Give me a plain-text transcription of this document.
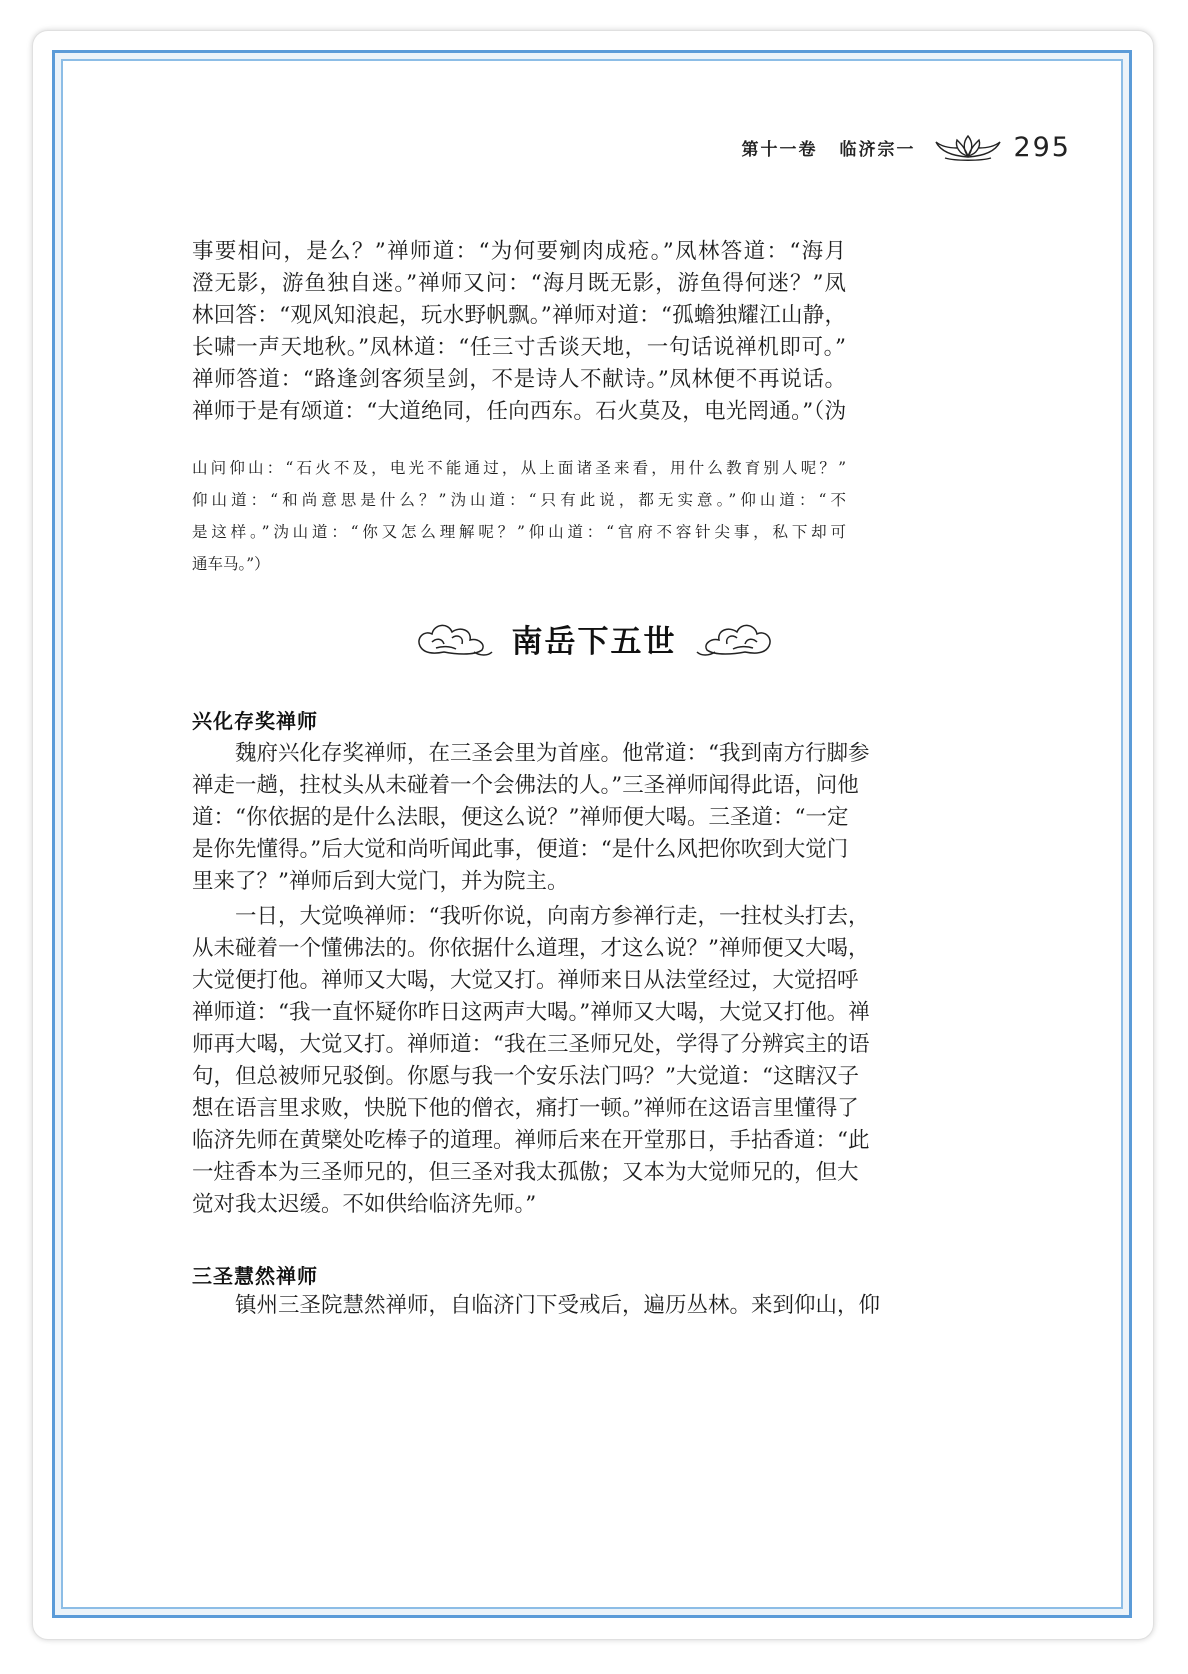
第十一卷 临济宗一	295
事要相问，是么？”禅师道：“为何要剜肉成疮。”凤林答道：“海月
澄无影，游鱼独自迷。”禅师又问：“海月既无影，游鱼得何迷？”凤
林回答：“观风知浪起，玩水野帆飘。”禅师对道：“孤蟾独耀江山静，
长啸一声天地秋。”凤林道：“任三寸舌谈天地，一句话说禅机即可。”
禅师答道：“路逢剑客须呈剑，不是诗人不献诗。”凤林便不再说话。
禅师于是有颂道：“大道绝同，任向西东。石火莫及，电光罔通。”（沩
山问仰山：“石火不及，电光不能通过，从上面诸圣来看，用什么教育别人呢？”
仰山道：“和尚意思是什么？”沩山道：“只有此说，都无实意。”仰山道：“不
是这样。”沩山道：“你又怎么理解呢？”仰山道：“官府不容针尖事，私下却可
通车马。”）
南岳下五世
兴化存奖禅师
魏府兴化存奖禅师，在三圣会里为首座。他常道：“我到南方行脚参
禅走一趟，拄杖头从未碰着一个会佛法的人。”三圣禅师闻得此语，问他
道：“你依据的是什么法眼，便这么说？”禅师便大喝。三圣道：“一定
是你先懂得。”后大觉和尚听闻此事，便道：“是什么风把你吹到大觉门
里来了？”禅师后到大觉门，并为院主。
一日，大觉唤禅师：“我听你说，向南方参禅行走，一拄杖头打去，
从未碰着一个懂佛法的。你依据什么道理，才这么说？”禅师便又大喝，
大觉便打他。禅师又大喝，大觉又打。禅师来日从法堂经过，大觉招呼
禅师道：“我一直怀疑你昨日这两声大喝。”禅师又大喝，大觉又打他。禅
师再大喝，大觉又打。禅师道：“我在三圣师兄处，学得了分辨宾主的语
句，但总被师兄驳倒。你愿与我一个安乐法门吗？”大觉道：“这瞎汉子
想在语言里求败，快脱下他的僧衣，痛打一顿。”禅师在这语言里懂得了
临济先师在黄檗处吃棒子的道理。禅师后来在开堂那日，手拈香道：“此
一炷香本为三圣师兄的，但三圣对我太孤傲；又本为大觉师兄的，但大
觉对我太迟缓。不如供给临济先师。”
三圣慧然禅师
镇州三圣院慧然禅师，自临济门下受戒后，遍历丛林。来到仰山，仰
